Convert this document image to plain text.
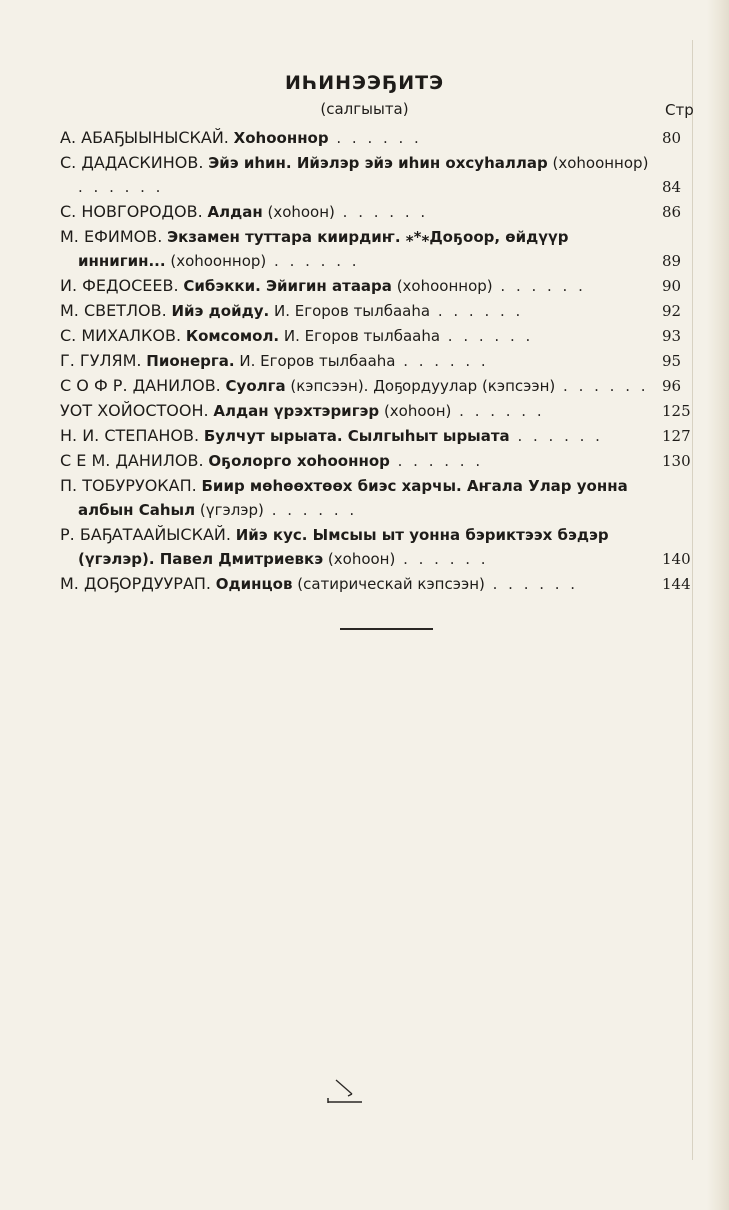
ИҺИНЭЭҔИТЭ
(салгыыта)	Стр
А. АБАҔЫЫНЫСКАЙ. Хоһооннор . . . . . .	80
С. ДАДАСКИНОВ. Эйэ иһин. Ийэлэр эйэ иһин охсуһаллар (хоһооннор) . . . . . .	84
С. НОВГОРОДОВ. Алдан (хоһоон) . . . . . .	86
М. ЕФИМОВ. Экзамен туттара киирдиҥ. ⁎*⁎Доҕоор, өйдүүр иннигин... (хоһооннор) . . . . . .	89
И. ФЕДОСЕЕВ. Сибэкки. Эйигин атаара (хоһооннор) . . . . . .	90
М. СВЕТЛОВ. Ийэ дойду. И. Егоров тылбааһа . . . . . .	92
С. МИХАЛКОВ. Комсомол. И. Егоров тылбааһа . . . . . .	93
Г. ГУЛЯМ. Пионерга. И. Егоров тылбааһа . . . . . .	95
С О Ф Р. ДАНИЛОВ. Суолга (кэпсээн). Доҕордуулар (кэпсээн) . . . . . . 96
УОТ ХОЙОСТООН. Алдан үрэхтэригэр (хоһоон) . . . . . .	125
Н. И. СТЕПАНОВ. Булчут ырыата. Сылгыһыт ырыата . . . . . .	127
С Е М. ДАНИЛОВ. Оҕолорго хоһооннор . . . . . .	130
П. ТОБУРУОКАП. Биир мөһөөхтөөх биэс харчы. Аҥала Улар уонна албын Саһыл (үгэлэр) . . . . . .
Р. БАҔАТААЙЫСКАЙ. Ийэ кус. Ымсыы ыт уонна бэриктээх бэдэр (үгэлэр). Павел Дмитриевкэ (хоһоон) . . . . . .	140
М. ДОҔОРДУУРАП. Одинцов (сатирическай кэпсээн) . . . . . .	144
